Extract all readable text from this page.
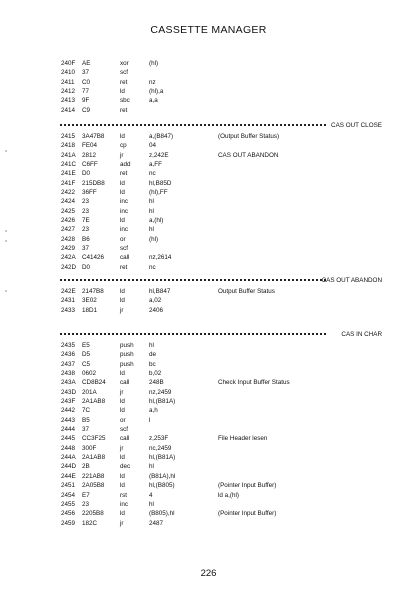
CASSETTE MANAGER
240F AE	xor	(hl)
2410 37	scf
2411 C0	ret	nz
2412 77	ld	(hl),a
2413 9F	sbc	a,a
2414 C9	ret
CAS OUT CLOSE
2415 3A47B8 ld	a,(B847)	(Output Buffer Status)
2418 FE04	cp	04
241A 2812	jr	z,242E	CAS OUT ABANDON
241C C6FF	add	a,FF
241E D0	ret	nc
241F 215DB8 ld	hl,B85D
2422 36FF	ld	(hl),FF
2424 23	inc	hl
2425 23	inc	hl
2426 7E	ld	a,(hl)
2427 23	inc	hl
2428 B6	or	(hl)
2429 37	scf
242A C41426	call	nz,2614
242D D0	ret	nc
CAS OUT ABANDON
242E 2147B8	ld	hl,B847	Output Buffer Status
2431 3E02	ld	a,02
2433 18D1	jr	2406
CAS IN CHAR
2435 E5	push hl
2436 D5	push de
2437 C5	push bc
2438 0602	ld	b,02
243A CD8B24 call	248B	Check Input Buffer Status
243D 201A	jr	nz,2459
243F 2A1AB8 ld	hl,(B81A)
2442 7C	ld	a,h
2443 B5	or	l
2444 37	scf
2445 CC3F25 call	z,253F	File Header lesen
2448 300F	jr	nc,2459
244A 2A1AB8 ld	hl,(B81A)
244D 2B	dec	hl
244E 221AB8 ld	(B81A),hl
2451 2A05B8 ld	hl,(B805)	(Pointer Input Buffer)
2454 E7	rst	4	ld a,(hl)
2455 23	inc	hl
2456 2205B8	ld	(B805),hl	(Pointer Input Buffer)
2459 182C	jr	2487
226
